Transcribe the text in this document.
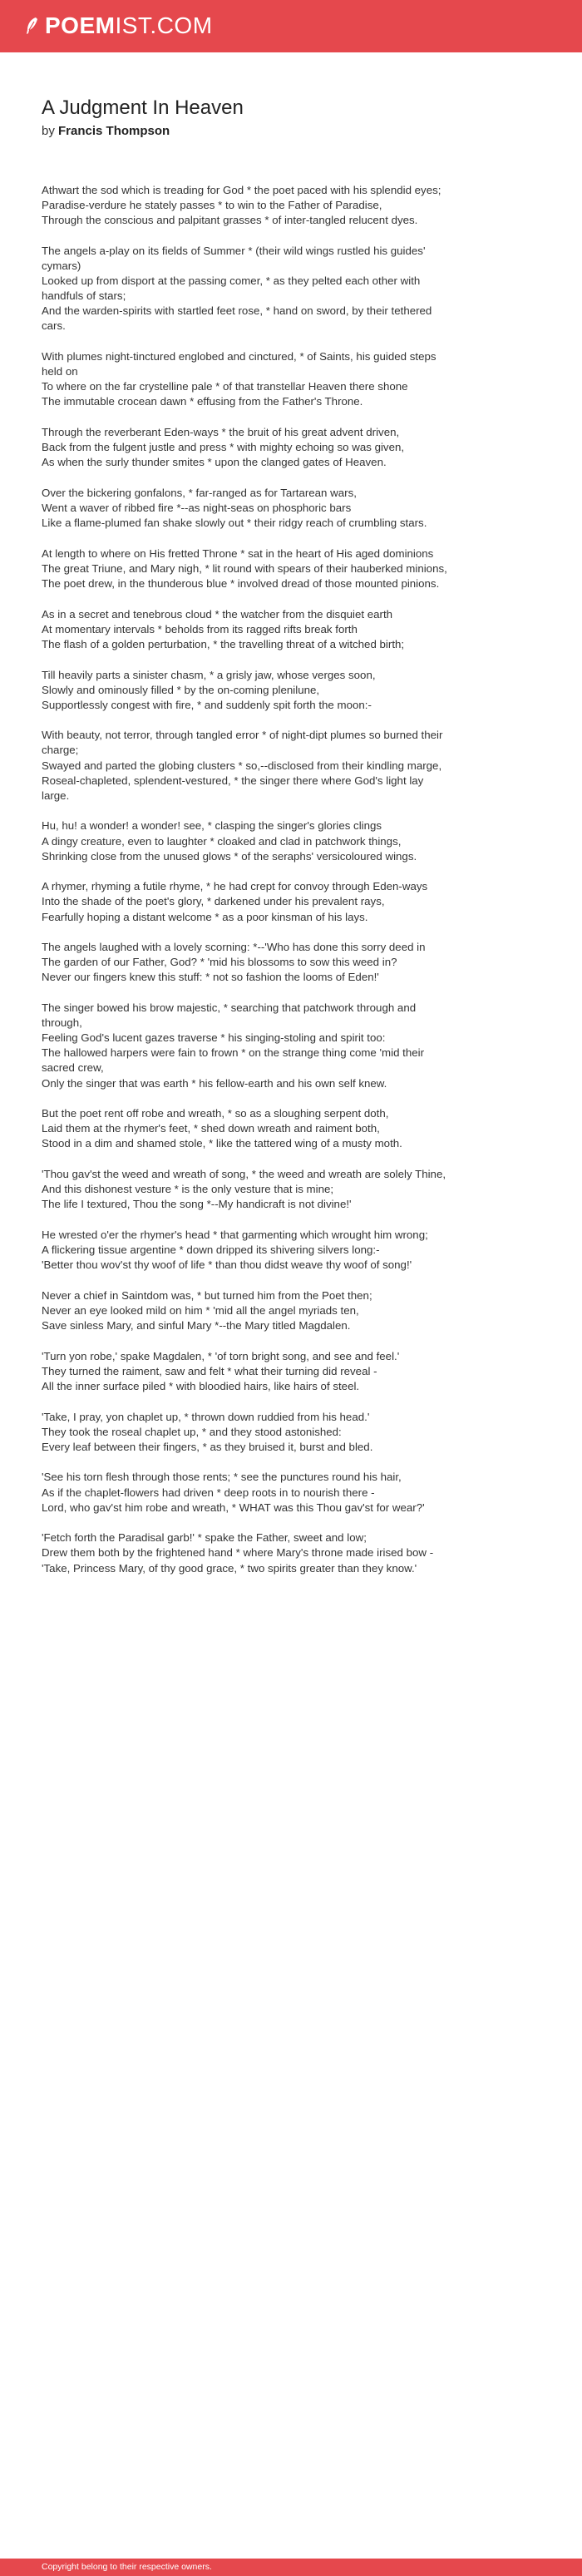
POEM IST.COM
A Judgment In Heaven
by Francis Thompson

Athwart the sod which is treading for God * the poet paced with his splendid eyes;
Paradise-verdure he stately passes * to win to the Father of Paradise,
Through the conscious and palpitant grasses * of inter-tangled relucent dyes.

The angels a-play on its fields of Summer * (their wild wings rustled his guides' cymars)
Looked up from disport at the passing comer, * as they pelted each other with handfuls of stars;
And the warden-spirits with startled feet rose, * hand on sword, by their tethered cars.

With plumes night-tinctured englobed and cinctured, * of Saints, his guided steps held on
To where on the far crystelline pale * of that transtellar Heaven there shone
The immutable crocean dawn * effusing from the Father's Throne.

Through the reverberant Eden-ways * the bruit of his great advent driven,
Back from the fulgent justle and press * with mighty echoing so was given,
As when the surly thunder smites * upon the clanged gates of Heaven.

Over the bickering gonfalons, * far-ranged as for Tartarean wars,
Went a waver of ribbed fire *--as night-seas on phosphoric bars
Like a flame-plumed fan shake slowly out * their ridgy reach of crumbling stars.

At length to where on His fretted Throne * sat in the heart of His aged dominions
The great Triune, and Mary nigh, * lit round with spears of their hauberked minions,
The poet drew, in the thunderous blue * involved dread of those mounted pinions.

As in a secret and tenebrous cloud * the watcher from the disquiet earth
At momentary intervals * beholds from its ragged rifts break forth
The flash of a golden perturbation, * the travelling threat of a witched birth;

Till heavily parts a sinister chasm, * a grisly jaw, whose verges soon,
Slowly and ominously filled * by the on-coming plenilune,
Supportlessly congest with fire, * and suddenly spit forth the moon:-

With beauty, not terror, through tangled error * of night-dipt plumes so burned their charge;
Swayed and parted the globing clusters * so,--disclosed from their kindling marge,
Roseal-chapleted, splendent-vestured, * the singer there where God's light lay large.

Hu, hu! a wonder! a wonder! see, * clasping the singer's glories clings
A dingy creature, even to laughter * cloaked and clad in patchwork things,
Shrinking close from the unused glows * of the seraphs' versicoloured wings.

A rhymer, rhyming a futile rhyme, * he had crept for convoy through Eden-ways
Into the shade of the poet's glory, * darkened under his prevalent rays,
Fearfully hoping a distant welcome * as a poor kinsman of his lays.

The angels laughed with a lovely scorning: *--'Who has done this sorry deed in
The garden of our Father, God? * 'mid his blossoms to sow this weed in?
Never our fingers knew this stuff: * not so fashion the looms of Eden!'

The singer bowed his brow majestic, * searching that patchwork through and through,
Feeling God's lucent gazes traverse * his singing-stoling and spirit too:
The hallowed harpers were fain to frown * on the strange thing come 'mid their sacred crew,
Only the singer that was earth * his fellow-earth and his own self knew.

But the poet rent off robe and wreath, * so as a sloughing serpent doth,
Laid them at the rhymer's feet, * shed down wreath and raiment both,
Stood in a dim and shamed stole, * like the tattered wing of a musty moth.

'Thou gav'st the weed and wreath of song, * the weed and wreath are solely Thine,
And this dishonest vesture * is the only vesture that is mine;
The life I textured, Thou the song *--My handicraft is not divine!'

He wrested o'er the rhymer's head * that garmenting which wrought him wrong;
A flickering tissue argentine * down dripped its shivering silvers long:-
'Better thou wov'st thy woof of life * than thou didst weave thy woof of song!'

Never a chief in Saintdom was, * but turned him from the Poet then;
Never an eye looked mild on him * 'mid all the angel myriads ten,
Save sinless Mary, and sinful Mary *--the Mary titled Magdalen.

'Turn yon robe,' spake Magdalen, * 'of torn bright song, and see and feel.'
They turned the raiment, saw and felt * what their turning did reveal -
All the inner surface piled * with bloodied hairs, like hairs of steel.

'Take, I pray, yon chaplet up, * thrown down ruddied from his head.'
They took the roseal chaplet up, * and they stood astonished:
Every leaf between their fingers, * as they bruised it, burst and bled.

'See his torn flesh through those rents; * see the punctures round his hair,
As if the chaplet-flowers had driven * deep roots in to nourish there -
Lord, who gav'st him robe and wreath, * WHAT was this Thou gav'st for wear?'

'Fetch forth the Paradisal garb!' * spake the Father, sweet and low;
Drew them both by the frightened hand * where Mary's throne made irised bow -
'Take, Princess Mary, of thy good grace, * two spirits greater than they know.'

Copyright belong to their respective owners.
